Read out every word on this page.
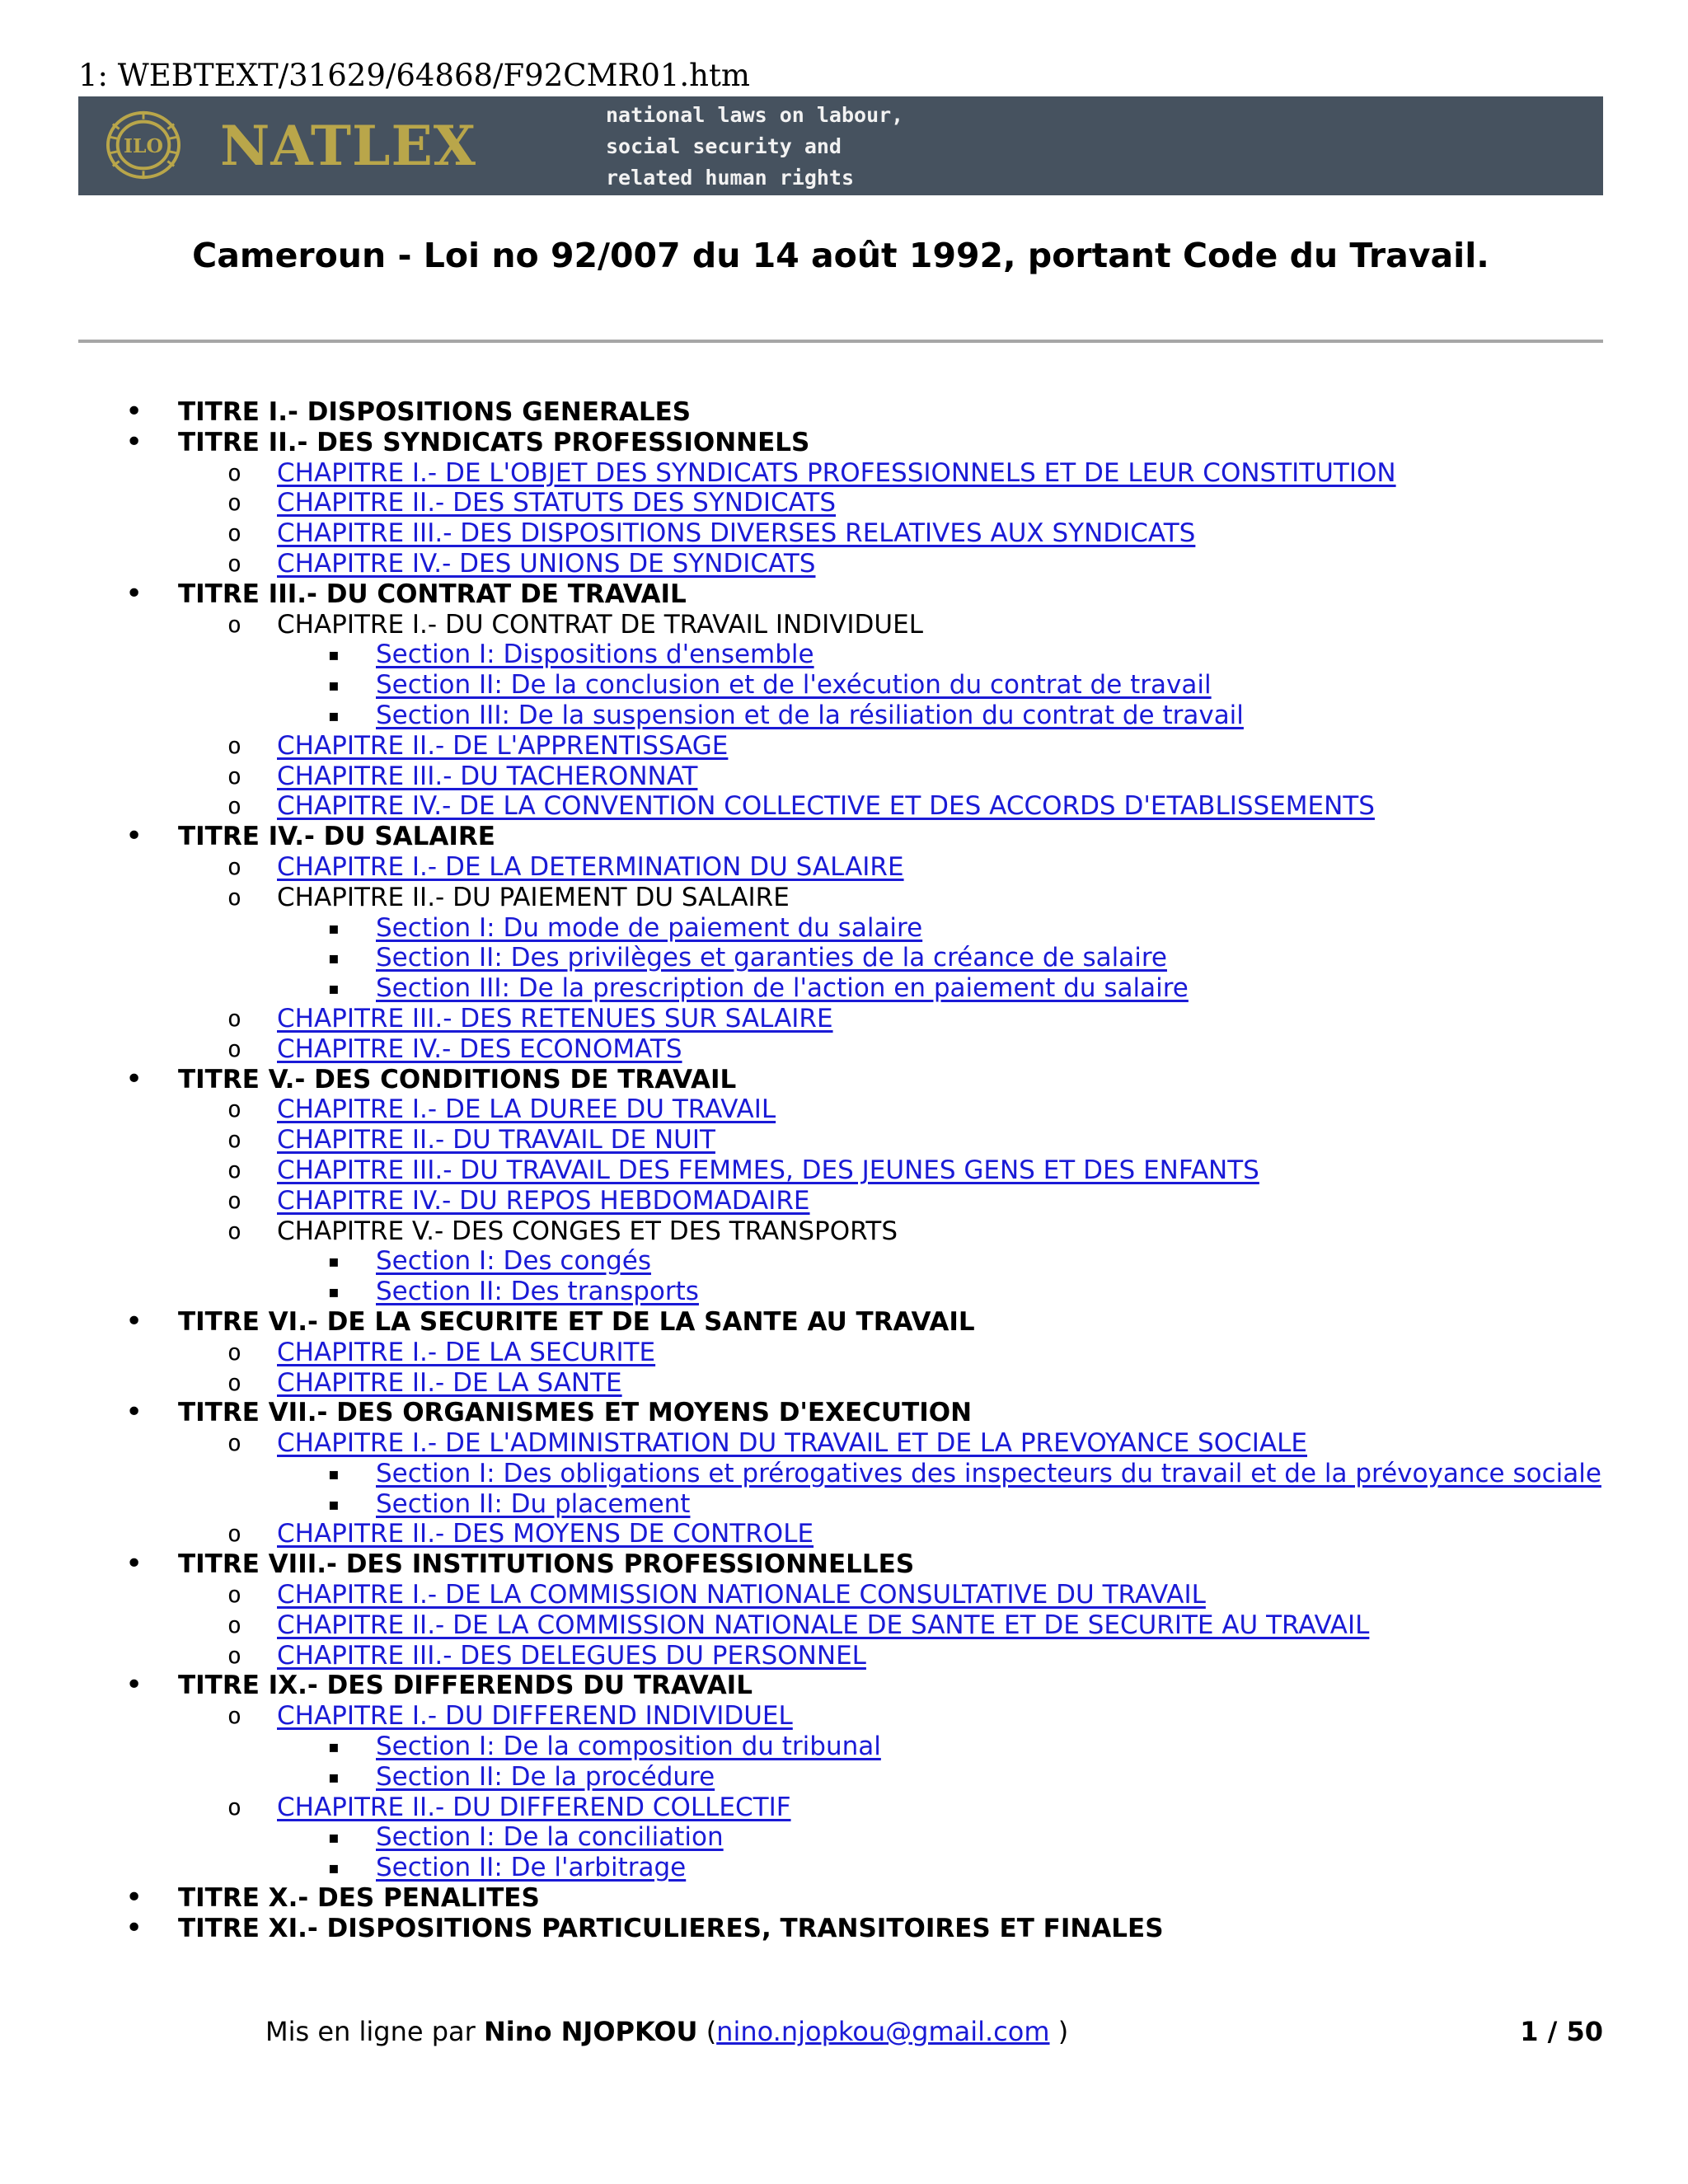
1: WEBTEXT/31629/64868/F92CMR01.htm
ILO NATLEX	national laws on labour,
social security and
related human rights
Cameroun - Loi no 92/007 du 14 août 1992, portant Code du Travail.
• TITRE I.- DISPOSITIONS GENERALES
• TITRE II.- DES SYNDICATS PROFESSIONNELS
o CHAPITRE I.- DE L'OBJET DES SYNDICATS PROFESSIONNELS ET DE LEUR CONSTITUTION
o CHAPITRE II.- DES STATUTS DES SYNDICATS
o CHAPITRE III.- DES DISPOSITIONS DIVERSES RELATIVES AUX SYNDICATS
o CHAPITRE IV.- DES UNIONS DE SYNDICATS
• TITRE III.- DU CONTRAT DE TRAVAIL
o CHAPITRE I.- DU CONTRAT DE TRAVAIL INDIVIDUEL
▪ Section I: Dispositions d'ensemble
▪ Section II: De la conclusion et de l'exécution du contrat de travail
▪ Section III: De la suspension et de la résiliation du contrat de travail
o CHAPITRE II.- DE L'APPRENTISSAGE
o CHAPITRE III.- DU TACHERONNAT
o CHAPITRE IV.- DE LA CONVENTION COLLECTIVE ET DES ACCORDS D'ETABLISSEMENTS
• TITRE IV.- DU SALAIRE
o CHAPITRE I.- DE LA DETERMINATION DU SALAIRE
o CHAPITRE II.- DU PAIEMENT DU SALAIRE
▪ Section I: Du mode de paiement du salaire
▪ Section II: Des privilèges et garanties de la créance de salaire
▪ Section III: De la prescription de l'action en paiement du salaire
o CHAPITRE III.- DES RETENUES SUR SALAIRE
o CHAPITRE IV.- DES ECONOMATS
• TITRE V.- DES CONDITIONS DE TRAVAIL
o CHAPITRE I.- DE LA DUREE DU TRAVAIL
o CHAPITRE II.- DU TRAVAIL DE NUIT
o CHAPITRE III.- DU TRAVAIL DES FEMMES, DES JEUNES GENS ET DES ENFANTS
o CHAPITRE IV.- DU REPOS HEBDOMADAIRE
o CHAPITRE V.- DES CONGES ET DES TRANSPORTS
▪ Section I: Des congés
▪ Section II: Des transports
• TITRE VI.- DE LA SECURITE ET DE LA SANTE AU TRAVAIL
o CHAPITRE I.- DE LA SECURITE
o CHAPITRE II.- DE LA SANTE
• TITRE VII.- DES ORGANISMES ET MOYENS D'EXECUTION
o CHAPITRE I.- DE L'ADMINISTRATION DU TRAVAIL ET DE LA PREVOYANCE SOCIALE
▪ Section I: Des obligations et prérogatives des inspecteurs du travail et de la prévoyance sociale
▪ Section II: Du placement
o CHAPITRE II.- DES MOYENS DE CONTROLE
• TITRE VIII.- DES INSTITUTIONS PROFESSIONNELLES
o CHAPITRE I.- DE LA COMMISSION NATIONALE CONSULTATIVE DU TRAVAIL
o CHAPITRE II.- DE LA COMMISSION NATIONALE DE SANTE ET DE SECURITE AU TRAVAIL
o CHAPITRE III.- DES DELEGUES DU PERSONNEL
• TITRE IX.- DES DIFFERENDS DU TRAVAIL
o CHAPITRE I.- DU DIFFEREND INDIVIDUEL
▪ Section I: De la composition du tribunal
▪ Section II: De la procédure
o CHAPITRE II.- DU DIFFEREND COLLECTIF
▪ Section I: De la conciliation
▪ Section II: De l'arbitrage
• TITRE X.- DES PENALITES
• TITRE XI.- DISPOSITIONS PARTICULIERES, TRANSITOIRES ET FINALES
Mis en ligne par Nino NJOPKOU (nino.njopkou@gmail.com )	1 / 50
